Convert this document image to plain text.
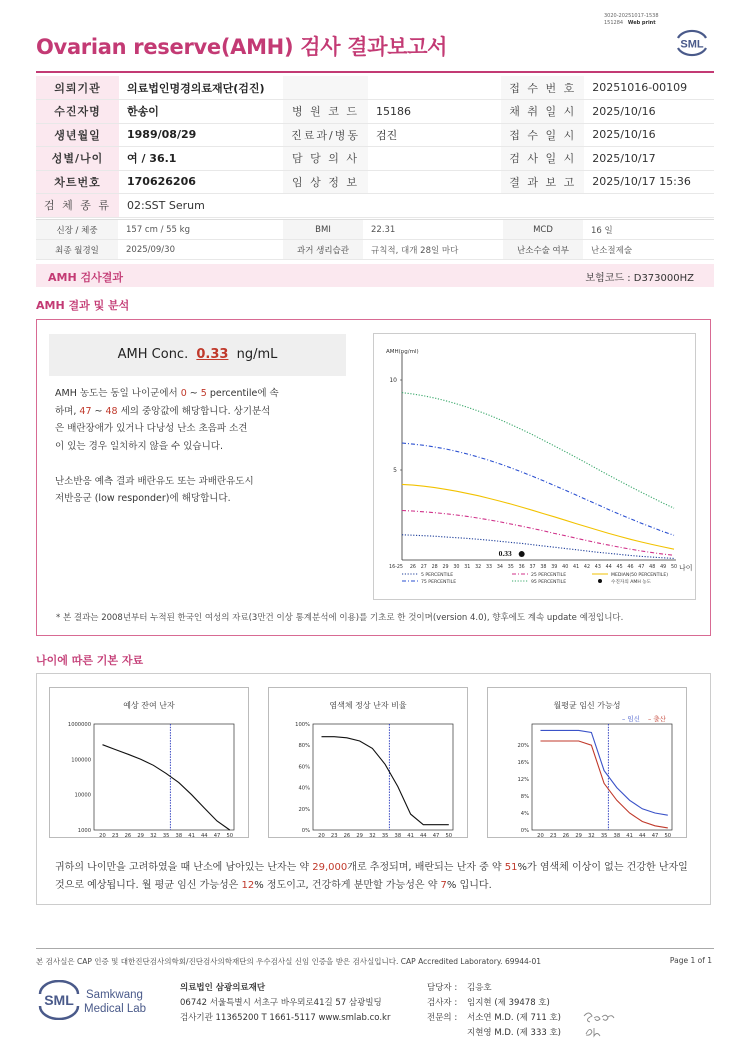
3020-20251017-1538
151284 Web print
Ovarian reserve(AMH) 검사 결과보고서	SML
의뢰기관	의료법인명경의료재단(검진)			접 수 번 호	20251016-00109
수진자명	한송이	병 원 코 드	15186	채 취 일 시	2025/10/16
생년월일	1989/08/29	진료과/병동	검진	접 수 일 시	2025/10/16
성별/나이	여 / 36.1	담 당 의 사		검 사 일 시	2025/10/17
차트번호	170626206	임 상 정 보		결 과 보 고	2025/10/17 15:36
검 체 종 류	02:SST Serum				
신장 / 체중	157 cm / 55 kg	BMI	22.31	MCD	16 일
최종 월경일	2025/09/30	과거 생리습관	규칙적, 대개 28일 마다	난소수술 여부	난소절제술
AMH 검사결과	보험코드 : D373000HZ
AMH 결과 및 분석
AMH Conc. 0.33 ng/mL
AMH 농도는 동일 나이군에서 0 ~ 5 percentile에 속
하며, 47 ~ 48 세의 중앙값에 해당합니다. 상기분석
은 배란장애가 있거나 다낭성 난소 초음파 소견
이 있는 경우 일치하지 않을 수 있습니다.
난소반응 예측 결과 배란유도 또는 과배란유도시
저반응군 (low responder)에 해당합니다.
AMH(ng/ml)
나이
5
10
16-25 26 27 28 29 30 31 32 33 34 35 36 37 38 39 40 41 42 43 44 45 46 47 48 49 50
0.33
5 PERCENTILE	25 PERCENTILE	MEDIAN(50 PERCENTILE)
75 PERCENTILE	95 PERCENTILE	수진자의 AMH 농도
* 본 결과는 2008년부터 누적된 한국인 여성의 자료(3만건 이상 통계분석에 이용)를 기초로 한 것이며(version 4.0), 향후에도 계속 update 예정입니다.
나이에 따른 기본 자료
예상 잔여 난자
1000
10000
100000
1000000
20 23 26 29 32 35 38 41 44 47 50
염색체 정상 난자 비율
0%
20%
40%
60%
80%
100%
20 23 26 29 32 35 38 41 44 47 50
월평균 임신 가능성
0%
4%
8%
12%
16%
20%
20 23 26 29 32 35 38 41 44 47 50
– 임신 – 출산
귀하의 나이만을 고려하였을 때 난소에 남아있는 난자는 약 29,000개로 추정되며, 배란되는 난자 중 약 51%가 염색체 이상이 없는 건강한 난자일
것으로 예상됩니다. 월 평균 임신 가능성은 12% 정도이고, 건강하게 분만할 가능성은 약 7% 입니다.
본 검사실은 CAP 인증 및 대한진단검사의학회/진단검사의학재단의 우수검사실 신임 인증을 받은 검사실입니다. CAP Accredited Laboratory. 69944-01	Page 1 of 1
SML Samkwang
Medical Lab
의료법인 삼광의료재단
06742 서울특별시 서초구 바우뫼로41길 57 삼광빌딩
검사기관 11365200 T 1661-5117 www.smlab.co.kr
담당자 : 김응호
검사자 : 임지현 (제 39478 호)
전문의 : 서소연 M.D. (제 711 호)
지현영 M.D. (제 333 호)
